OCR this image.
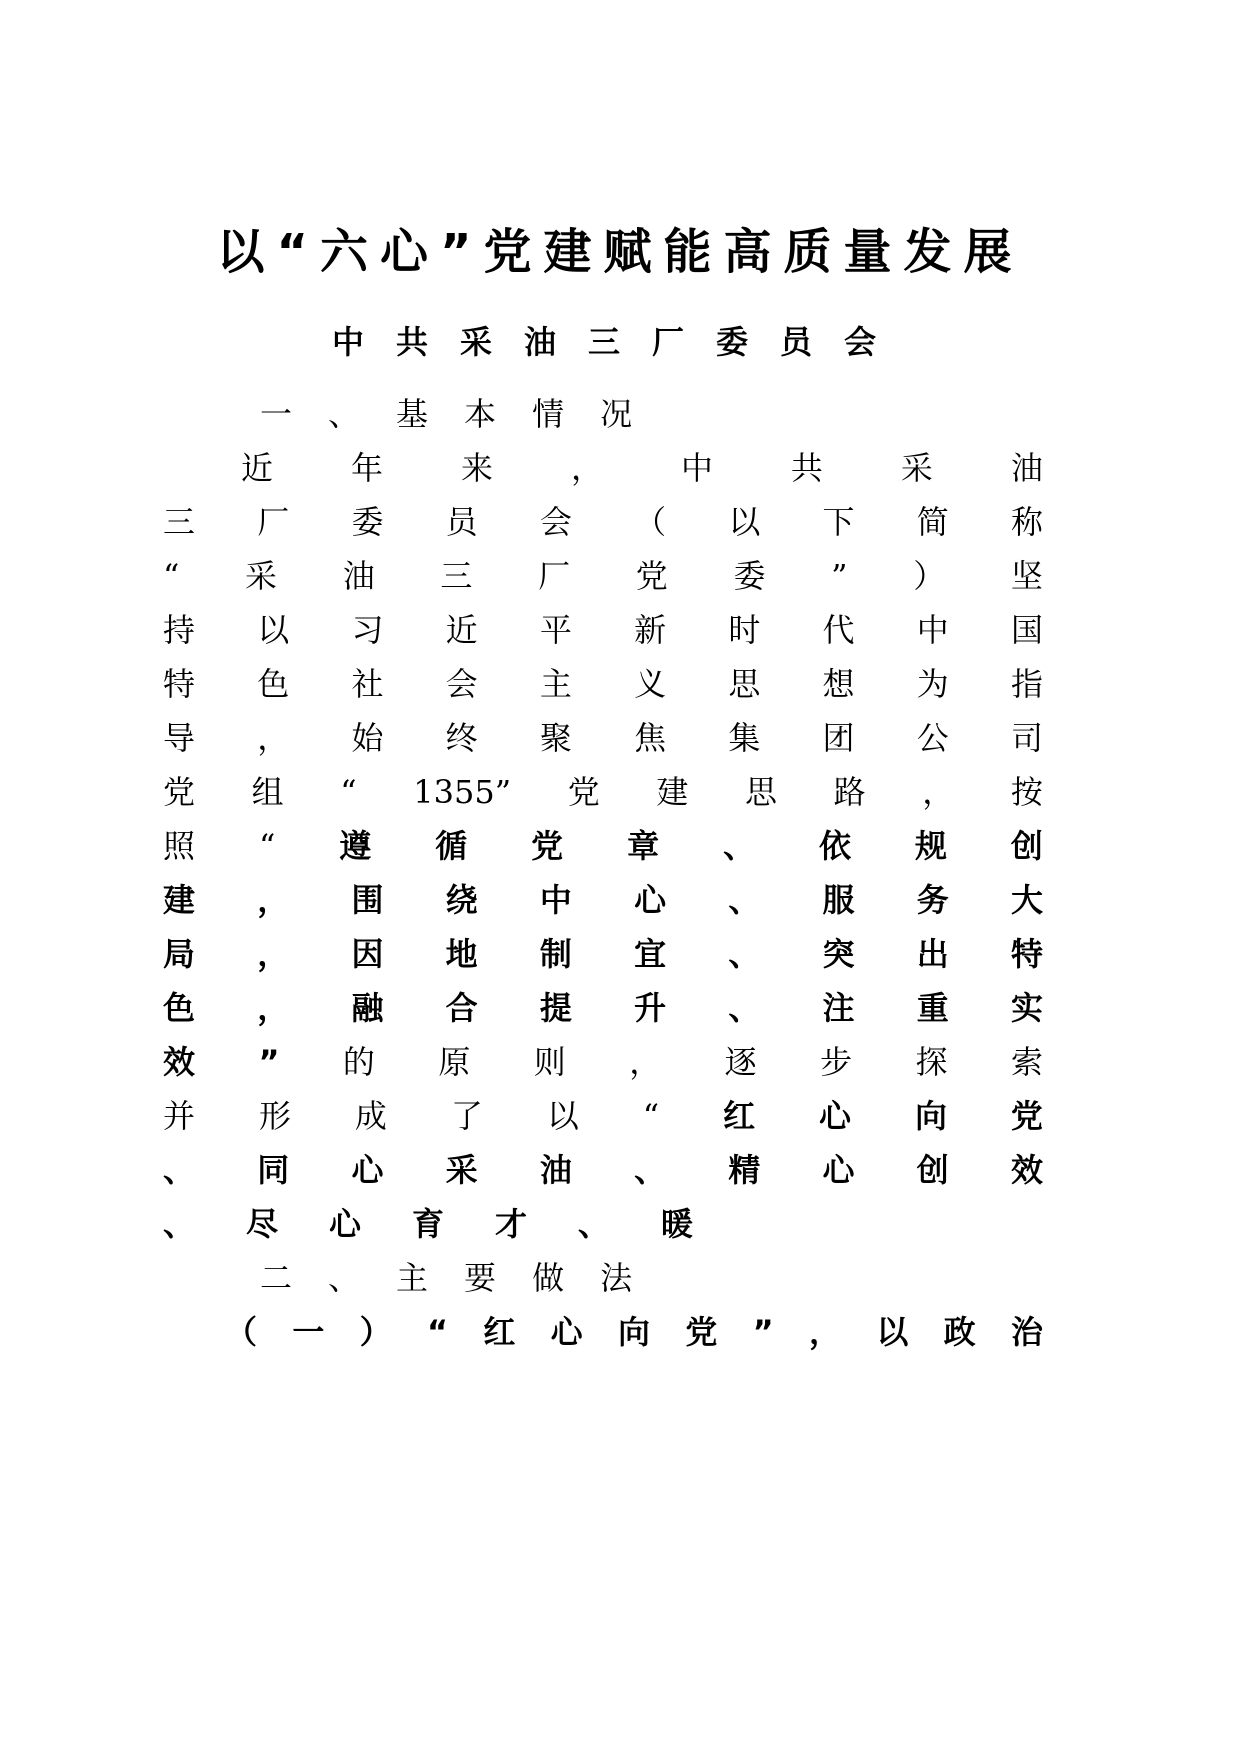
以“六心”党建赋能高质量发展
中共采油三厂委员会
一 、 基 本 情 况
近 年 来 ， 中 共 采 油
三 厂 委 员 会 （ 以 下 简 称
“ 采 油 三 厂 党 委 ” ） 坚
持 以 习 近 平 新 时 代 中 国
特 色 社 会 主 义 思 想 为 指
导 ， 始 终 聚 焦 集 团 公 司
党 组 “ 1355” 党 建 思 路 ， 按
照 “ 遵 循 党 章 、 依 规 创
建 ， 围 绕 中 心 、 服 务 大
局 ， 因 地 制 宜 、 突 出 特
色 ， 融 合 提 升 、 注 重 实
效 ” 的 原 则 ， 逐 步 探 索
并 形 成 了 以 “ 红 心 向 党
、 同 心 采 油 、 精 心 创 效
、 尽 心 育 才 、 暖
二 、 主 要 做 法
（ 一 ） “ 红 心 向 党 ” ， 以 政 治
